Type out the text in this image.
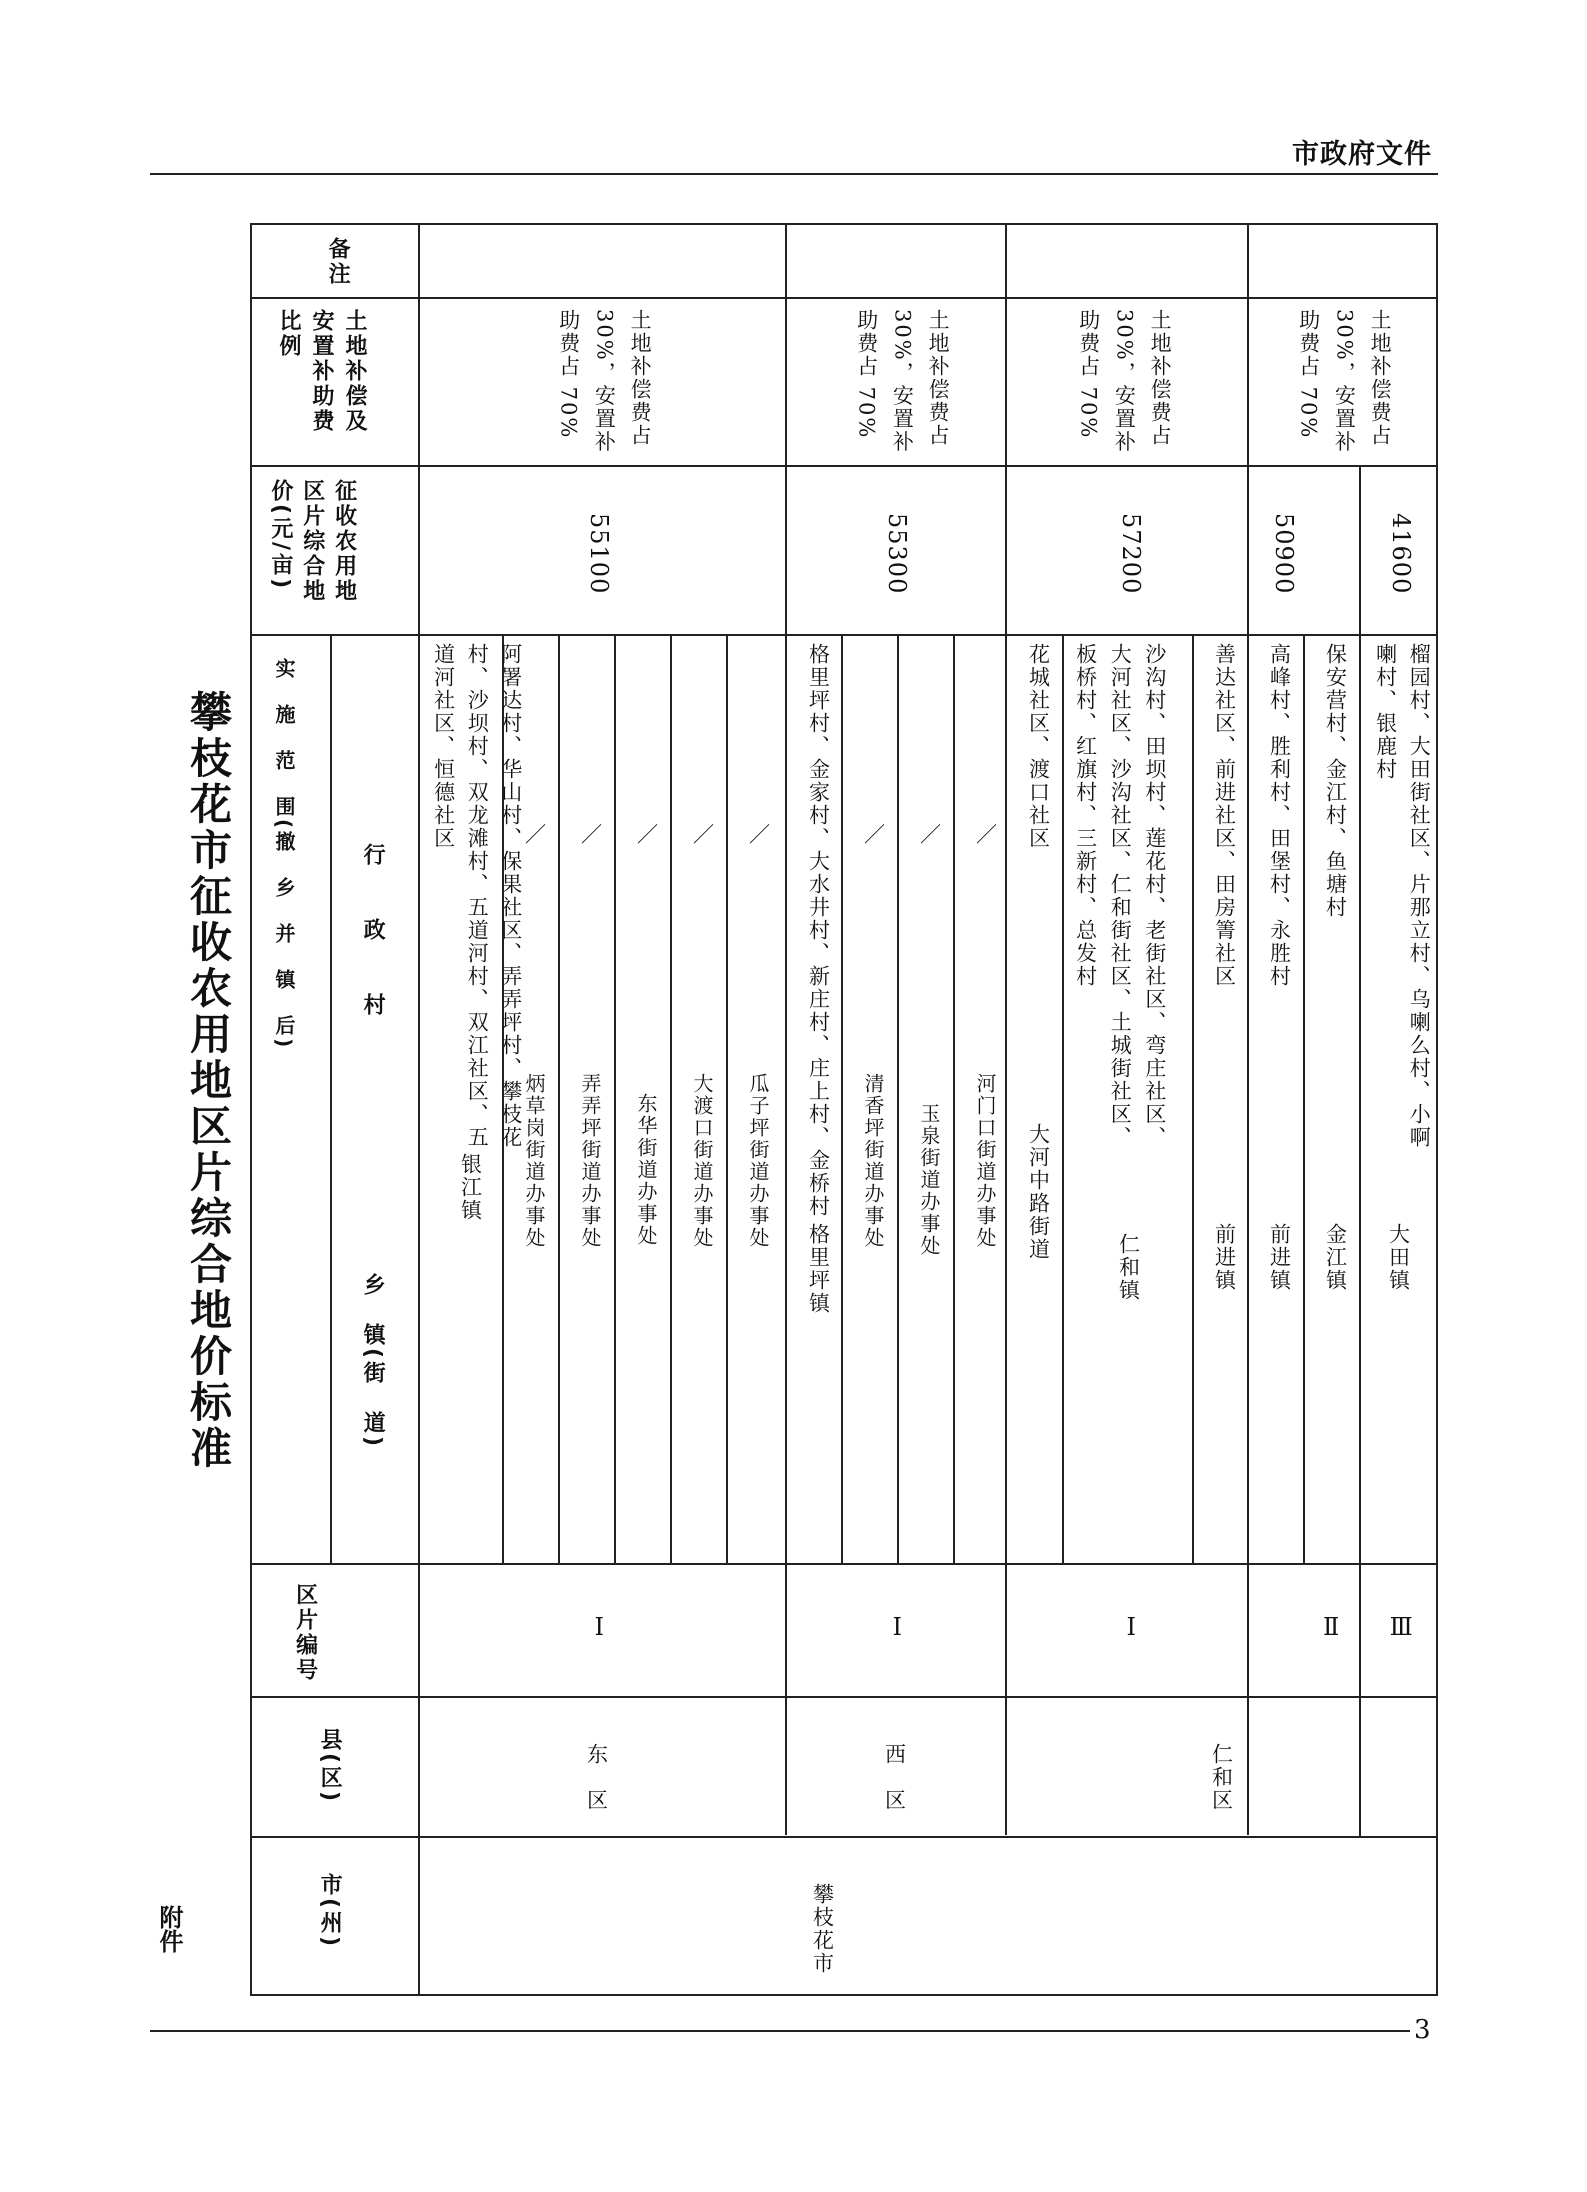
市政府文件
3
附件
攀枝花市征收农用地区片综合地价标准
市(州)
县(区)
区片编号
实　施　范　围(撤　乡　并　镇　后)
乡　镇(街　道)
行　　政　　村
征收农用地区片综合地价(元/亩)
土地补偿及安置补助费比例
备注
攀枝花市
东　区
Ⅰ
55100
土地补偿费占 30%，安置补助费占 70%
银江镇
阿署达村、华山村、保果社区、弄弄坪村、攀枝花村、沙坝村、双龙滩村、五道河村、双江社区、五道河社区、恒德社区
炳草岗街道办事处
／
弄弄坪街道办事处
／
东华街道办事处
／
大渡口街道办事处
／
瓜子坪街道办事处
／
西　区
Ⅰ
55300
土地补偿费占 30%，安置补助费占 70%
格里坪镇
格里坪村、金家村、大水井村、新庄村、庄上村、金桥村 清香坪街道办事处
／
玉泉街道办事处
／
河门口街道办事处
／
仁和区
Ⅰ
57200
土地补偿费占 30%，安置补助费占 70%
大河中路街道
花城社区、渡口社区
仁和镇
沙沟村、田坝村、莲花村、老街社区、弯庄社区、大河社区、沙沟社区、仁和街社区、土城街社区、板桥村、红旗村、三新村、总发村
前进镇
善达社区、前进社区、田房箐社区
Ⅱ
50900
土地补偿费占 30%，安置补助费占 70%
前进镇
高峰村、胜利村、田堡村、永胜村
金江镇
保安营村、金江村、鱼塘村
Ⅲ
41600
大田镇
榴园村、大田街社区、片那立村、乌喇么村、小啊喇村、银鹿村
